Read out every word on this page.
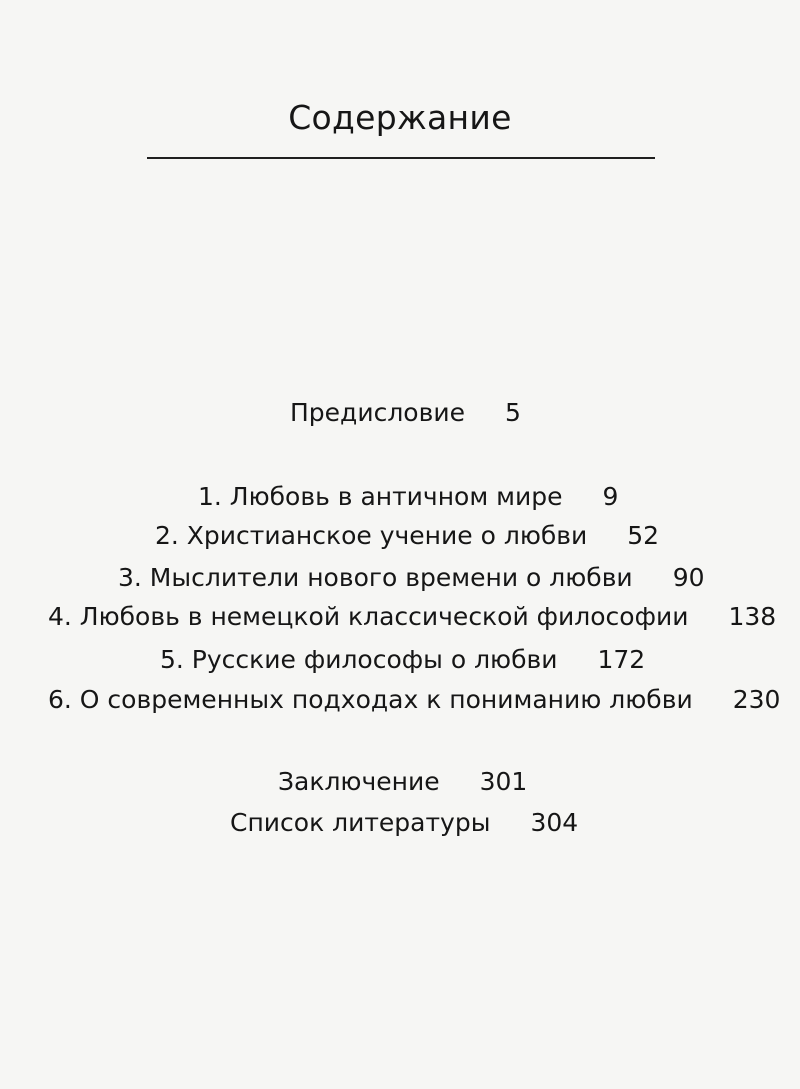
Содержание
Предисловие 5
1. Любовь в античном мире 9
2. Христианское учение о любви 52
3. Мыслители нового времени о любви 90
4. Любовь в немецкой классической философии 138
5. Русские философы о любви 172
6. О современных подходах к пониманию любви 230
Заключение 301
Список литературы 304
